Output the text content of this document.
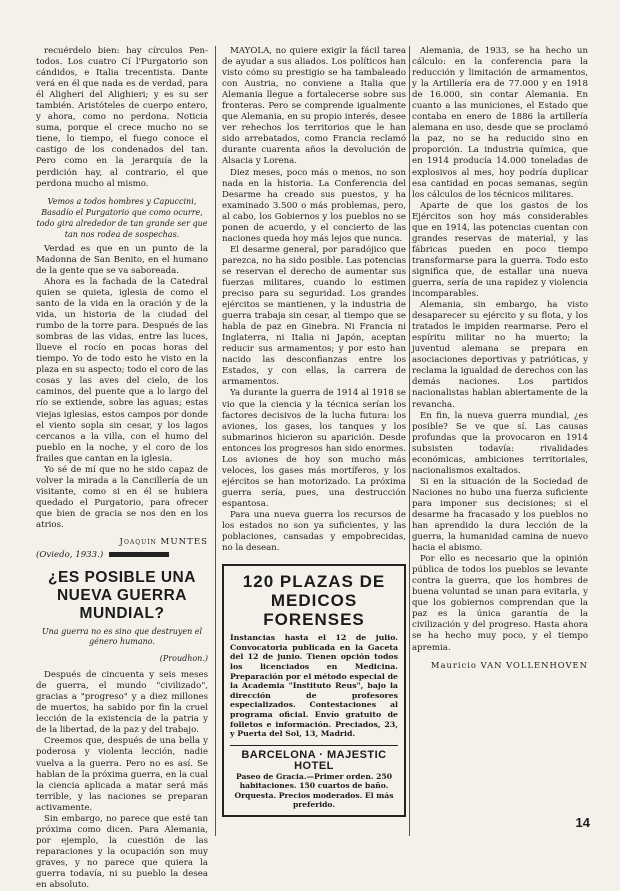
recuérdelo bien: hay círculos Pen-todos. Los cuatro Cí l'Purgatorio son cándidos, e Italia trecentista. Dante verá en él que nada es de verdad, para él Aligheri del Alighieri; y es su ser también. Aristóteles de cuerpo entero, y ahora, como no perdona. Noticia suma, porque el crece mucho no se tiene, lo tiempo, el fuego conoce el castigo de los condenados del tan. Pero como en la jerarquía de la perdición hay, al contrario, el que perdona mucho al mismo.

Vemos a todos hombres y Capuccini, Basadío el Purgatorio que como ocurre, todo gira alrededor de tan grande ser que tan nos rodea de sospechas.

Verdad es que en un punto de la Madonna de San Benito, en el humano de la gente que se va saboreada.

Ahora es la fachada de la Catedral quien se quieta, iglesia de como el santo de la vida en la oración y de la vida, un historia de la ciudad del rumbo de la torre para. Después de las sombras de las vidas, entre las luces, llueve el rocío en pocas horas del tiempo. Yo de todo esto he visto en la plaza en su aspecto; todo el coro de las cosas y las aves del cielo, de los caminos, del puente que a lo largo del río se extiende, sobre las aguas; estas viejas iglesias, estos campos por donde el viento sopla sin cesar, y los lagos cercanos a la villa, con el humo del pueblo en la noche, y el coro de los frailes que cantan en la iglesia.

Yo sé de mí que no he sido capaz de volver la mirada a la Cancillería de un visitante, como si en él se hubiera quedado el Purgatorio, para ofrecer que bien de gracia se nos den en los atrios.

Joaquín MUNTES

(Oviedo, 1933.)

¿ES POSIBLE UNA NUEVA GUERRA MUNDIAL?

Una guerra no es sino que destruyen el género humano.

(Proudhon.)

Después de cincuenta y seis meses de guerra, el mundo "civilizado", gracias a "progreso" y a diez millones de muertos, ha sabido por fin la cruel lección de la existencia de la patria y de la libertad, de la paz y del trabajo.

Creemos que, después de una bella y poderosa y violenta lección, nadie vuelva a la guerra. Pero no es así. Se hablan de la próxima guerra, en la cual la ciencia aplicada a matar será más terrible, y las naciones se preparan activamente.

Sin embargo, no parece que esté tan próxima como dicen. Para Alemania, por ejemplo, la cuestión de las reparaciones y la ocupación son muy graves, y no parece que quiera la guerra todavía, ni su pueblo la desea en absoluto.

MAYOLA, no quiere exigir la fácil tarea de ayudar a sus aliados. Los políticos han visto cómo su prestigio se ha tambaleado con Austria, no conviene a Italia que Alemania llegue a fortalecerse sobre sus fronteras. Pero se comprende igualmente que Alemania, en su propio interés, desee ver rehechos los territorios que le han sido arrebatados, como Francia reclamó durante cuarenta años la devolución de Alsacia y Lorena.

Diez meses, poco más o menos, no son nada en la historia. La Conferencia del Desarme ha creado sus puestos, y ha examinado 3.500 o más problemas, pero, al cabo, los Gobiernos y los pueblos no se ponen de acuerdo, y el concierto de las naciones queda hoy más lejos que nunca.

El desarme general, por paradójico que parezca, no ha sido posible. Las potencias se reservan el derecho de aumentar sus fuerzas militares, cuando lo estimen preciso para su seguridad. Los grandes ejércitos se mantienen, y la industria de guerra trabaja sin cesar, al tiempo que se habla de paz en Ginebra. Ni Francia ni Inglaterra, ni Italia ni Japón, aceptan reducir sus armamentos; y por esto han nacido las desconfianzas entre los Estados, y con ellas, la carrera de armamentos.

Ya durante la guerra de 1914 al 1918 se vio que la ciencia y la técnica serían los factores decisivos de la lucha futura: los aviones, los gases, los tanques y los submarinos hicieron su aparición. Desde entonces los progresos han sido enormes. Los aviones de hoy son mucho más veloces, los gases más mortíferos, y los ejércitos se han motorizado. La próxima guerra sería, pues, una destrucción espantosa.

Para una nueva guerra los recursos de los estados no son ya suficientes, y las poblaciones, cansadas y empobrecidas, no la desean.

120 PLAZAS DE MEDICOS FORENSES
Instancias hasta el 12 de julio. Convocatoria publicada en la Gaceta del 12 de junio. Tienen opción todos los licenciados en Medicina. Preparación por el método especial de la Academia "Instituto Reus", bajo la dirección de profesores especializados. Contestaciones al programa oficial. Envío gratuito de folletos e información. Preciados, 23, y Puerta del Sol, 13, Madrid.
BARCELONA · MAJESTIC HOTEL
Paseo de Gracia.—Primer orden. 250 habitaciones. 150 cuartos de baño. Orquesta. Precios moderados. El más preferido.

Alemania, de 1933, se ha hecho un cálculo: en la conferencia para la reducción y limitación de armamentos, y la Artillería era de 77.000 y en 1918 de 16.000, sin contar Alemania. En cuanto a las municiones, el Estado que contaba en enero de 1886 la artillería alemana en uso, desde que se proclamó la paz, no se ha reducido sino en proporción. La industria química, que en 1914 producía 14.000 toneladas de explosivos al mes, hoy podría duplicar esa cantidad en pocas semanas, según los cálculos de los técnicos militares.

Aparte de que los gastos de los Ejércitos son hoy más considerables que en 1914, las potencias cuentan con grandes reservas de material, y las fábricas pueden en poco tiempo transformarse para la guerra. Todo esto significa que, de estallar una nueva guerra, sería de una rapidez y violencia incomparables.

Alemania, sin embargo, ha visto desaparecer su ejército y su flota, y los tratados le impiden rearmarse. Pero el espíritu militar no ha muerto; la juventud alemana se prepara en asociaciones deportivas y patrióticas, y reclama la igualdad de derechos con las demás naciones. Los partidos nacionalistas hablan abiertamente de la revancha.

En fin, la nueva guerra mundial, ¿es posible? Se ve que sí. Las causas profundas que la provocaron en 1914 subsisten todavía: rivalidades económicas, ambiciones territoriales, nacionalismos exaltados.

Si en la situación de la Sociedad de Naciones no hubo una fuerza suficiente para imponer sus decisiones; si el desarme ha fracasado y los pueblos no han aprendido la dura lección de la guerra, la humanidad camina de nuevo hacia el abismo.

Por ello es necesario que la opinión pública de todos los pueblos se levante contra la guerra, que los hombres de buena voluntad se unan para evitarla, y que los gobiernos comprendan que la paz es la única garantía de la civilización y del progreso. Hasta ahora se ha hecho muy poco, y el tiempo apremia.

Mauricio VAN VOLLENHOVEN

14
